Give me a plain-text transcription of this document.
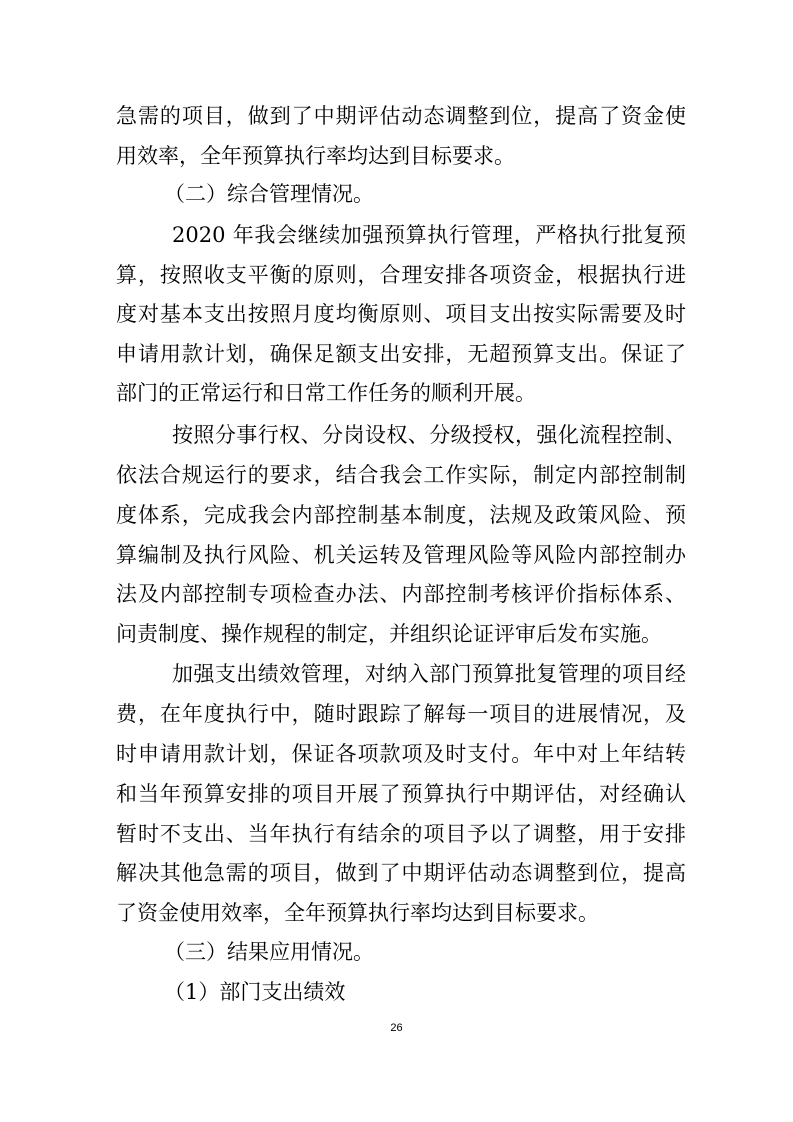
急需的项目，做到了中期评估动态调整到位，提高了资金使
用效率，全年预算执行率均达到目标要求。
（二）综合管理情况。
2020 年我会继续加强预算执行管理，严格执行批复预
算，按照收支平衡的原则，合理安排各项资金，根据执行进
度对基本支出按照月度均衡原则、项目支出按实际需要及时
申请用款计划，确保足额支出安排，无超预算支出。保证了
部门的正常运行和日常工作任务的顺利开展。
按照分事行权、分岗设权、分级授权，强化流程控制、
依法合规运行的要求，结合我会工作实际，制定内部控制制
度体系，完成我会内部控制基本制度，法规及政策风险、预
算编制及执行风险、机关运转及管理风险等风险内部控制办
法及内部控制专项检查办法、内部控制考核评价指标体系、
问责制度、操作规程的制定，并组织论证评审后发布实施。
加强支出绩效管理，对纳入部门预算批复管理的项目经
费，在年度执行中，随时跟踪了解每一项目的进展情况，及
时申请用款计划，保证各项款项及时支付。年中对上年结转
和当年预算安排的项目开展了预算执行中期评估，对经确认
暂时不支出、当年执行有结余的项目予以了调整，用于安排
解决其他急需的项目，做到了中期评估动态调整到位，提高
了资金使用效率，全年预算执行率均达到目标要求。
（三）结果应用情况。
（1）部门支出绩效
26
